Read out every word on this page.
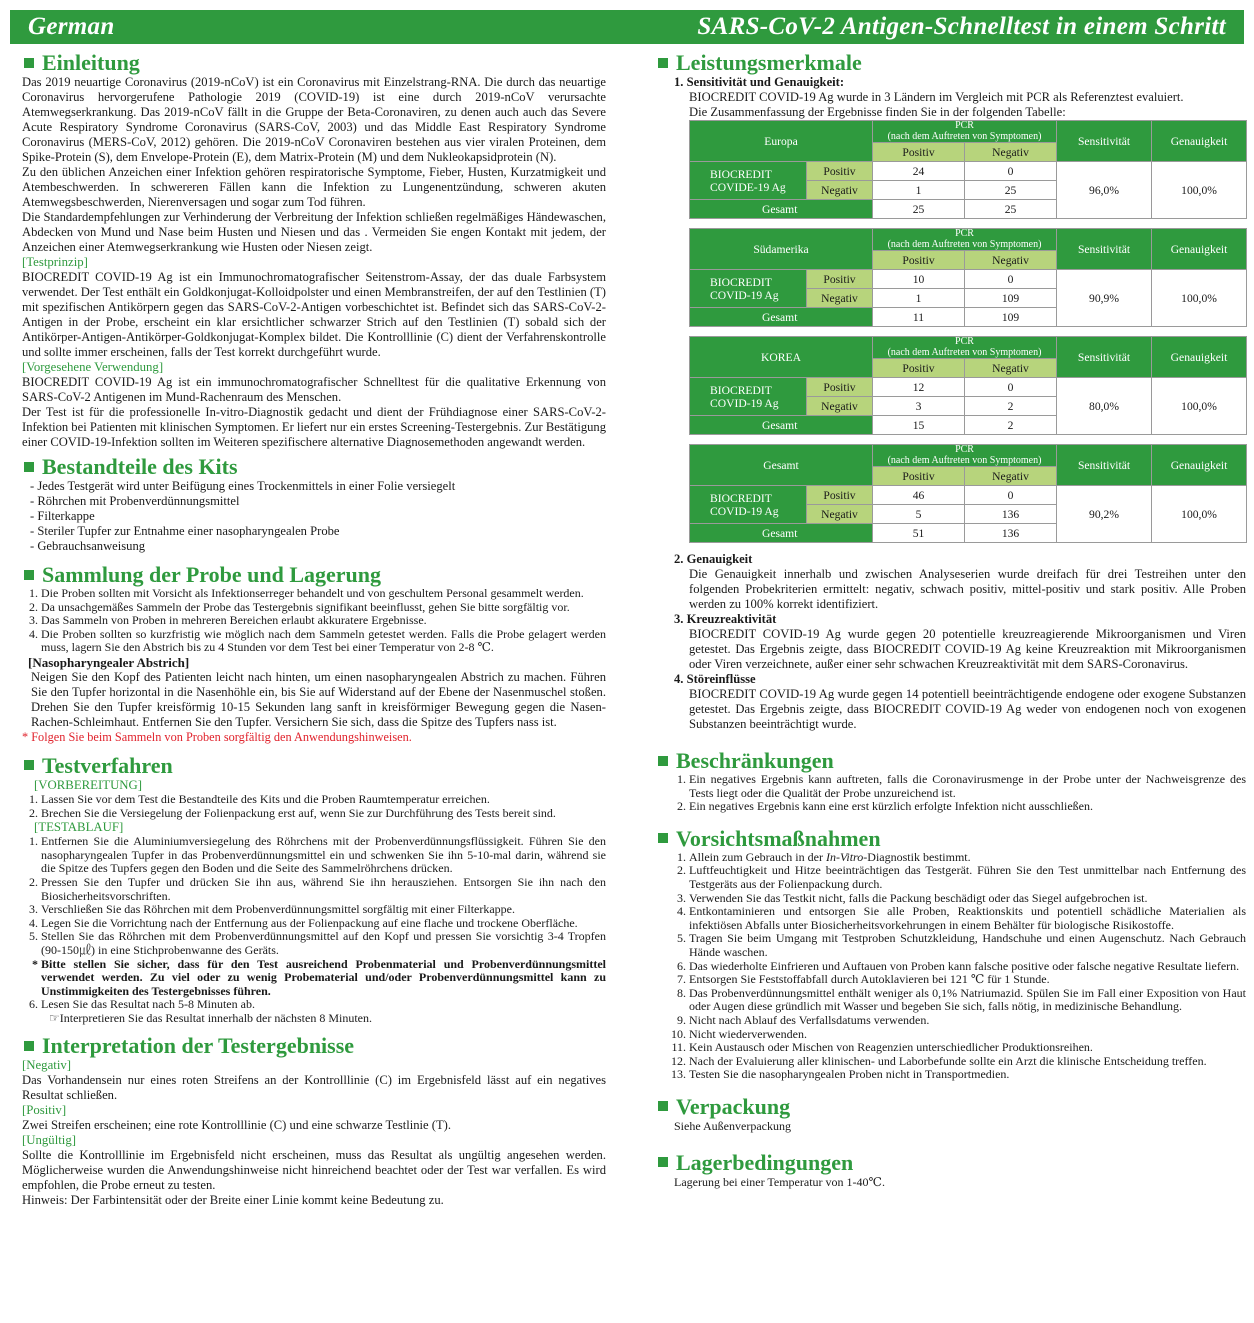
German	SARS-CoV-2 Antigen-Schnelltest in einem Schritt
Einleitung

Das 2019 neuartige Coronavirus (2019-nCoV) ist ein Coronavirus mit Einzelstrang-RNA. Die durch das neuartige Coronavirus hervorgerufene Pathologie 2019 (COVID-19) ist eine durch 2019-nCoV verursachte Atemwegserkrankung. Das 2019-nCoV fällt in die Gruppe der Beta-Coronaviren, zu denen auch auch das Severe Acute Respiratory Syndrome Coronavirus (SARS-CoV, 2003) und das Middle East Respiratory Syndrome Coronavirus (MERS-CoV, 2012) gehören. Die 2019-nCoV Coronaviren bestehen aus vier viralen Proteinen, dem Spike-Protein (S), dem Envelope-Protein (E), dem Matrix-Protein (M) und dem Nukleokapsidprotein (N).

Zu den üblichen Anzeichen einer Infektion gehören respiratorische Symptome, Fieber, Husten, Kurzatmigkeit und Atembeschwerden. In schwereren Fällen kann die Infektion zu Lungenentzündung, schweren akuten Atemwegsbeschwerden, Nierenversagen und sogar zum Tod führen.

Die Standardempfehlungen zur Verhinderung der Verbreitung der Infektion schließen regelmäßiges Händewaschen, Abdecken von Mund und Nase beim Husten und Niesen und das . Vermeiden Sie engen Kontakt mit jedem, der Anzeichen einer Atemwegserkrankung wie Husten oder Niesen zeigt.

[Testprinzip]

BIOCREDIT COVID-19 Ag ist ein Immunochromatografischer Seitenstrom-Assay, der das duale Farbsystem verwendet. Der Test enthält ein Goldkonjugat-Kolloidpolster und einen Membranstreifen, der auf den Testlinien (T) mit spezifischen Antikörpern gegen das SARS-CoV-2-Antigen vorbeschichtet ist. Befindet sich das SARS-CoV-2-Antigen in der Probe, erscheint ein klar ersichtlicher schwarzer Strich auf den Testlinien (T) sobald sich der Antikörper-Antigen-Antikörper-Goldkonjugat-Komplex bildet. Die Kontrolllinie (C) dient der Verfahrenskontrolle und sollte immer erscheinen, falls der Test korrekt durchgeführt wurde.

[Vorgesehene Verwendung]

BIOCREDIT COVID-19 Ag ist ein immunochromatografischer Schnelltest für die qualitative Erkennung von SARS-CoV-2 Antigenen im Mund-Rachenraum des Menschen.

Der Test ist für die professionelle In-vitro-Diagnostik gedacht und dient der Frühdiagnose einer SARS-CoV-2-Infektion bei Patienten mit klinischen Symptomen. Er liefert nur ein erstes Screening-Testergebnis. Zur Bestätigung einer COVID-19-Infektion sollten im Weiteren spezifischere alternative Diagnosemethoden angewandt werden.

Bestandteile des Kits
- Jedes Testgerät wird unter Beifügung eines Trockenmittels in einer Folie versiegelt
- Röhrchen mit Probenverdünnungsmittel
- Filterkappe
- Steriler Tupfer zur Entnahme einer nasopharyngealen Probe
- Gebrauchsanweisung
Sammlung der Probe und Lagerung
1. Die Proben sollten mit Vorsicht als Infektionserreger behandelt und von geschultem Personal gesammelt werden.
2. Da unsachgemäßes Sammeln der Probe das Testergebnis signifikant beeinflusst, gehen Sie bitte sorgfältig vor.
3. Das Sammeln von Proben in mehreren Bereichen erlaubt akkuratere Ergebnisse.
4. Die Proben sollten so kurzfristig wie möglich nach dem Sammeln getestet werden. Falls die Probe gelagert werden muss, lagern Sie den Abstrich bis zu 4 Stunden vor dem Test bei einer Temperatur von 2-8 ℃.
[Nasopharyngealer Abstrich]
Neigen Sie den Kopf des Patienten leicht nach hinten, um einen nasopharyngealen Abstrich zu machen. Führen Sie den Tupfer horizontal in die Nasenhöhle ein, bis Sie auf Widerstand auf der Ebene der Nasenmuschel stoßen. Drehen Sie den Tupfer kreisförmig 10-15 Sekunden lang sanft in kreisförmiger Bewegung gegen die Nasen-Rachen-Schleimhaut. Entfernen Sie den Tupfer. Versichern Sie sich, dass die Spitze des Tupfers nass ist.
* Folgen Sie beim Sammeln von Proben sorgfältig den Anwendungshinweisen.
Testverfahren
[VORBEREITUNG]
1. Lassen Sie vor dem Test die Bestandteile des Kits und die Proben Raumtemperatur erreichen.
2. Brechen Sie die Versiegelung der Folienpackung erst auf, wenn Sie zur Durchführung des Tests bereit sind.
[TESTABLAUF]
1. Entfernen Sie die Aluminiumversiegelung des Röhrchens mit der Probenverdünnungsflüssigkeit. Führen Sie den nasopharyngealen Tupfer in das Probenverdünnungsmittel ein und schwenken Sie ihn 5-10-mal darin, während sie die Spitze des Tupfers gegen den Boden und die Seite des Sammelröhrchens drücken.
2. Pressen Sie den Tupfer und drücken Sie ihn aus, während Sie ihn herausziehen. Entsorgen Sie ihn nach den Biosicherheitsvorschriften.
3. Verschließen Sie das Röhrchen mit dem Probenverdünnungsmittel sorgfältig mit einer Filterkappe.
4. Legen Sie die Vorrichtung nach der Entfernung aus der Folienpackung auf eine flache und trockene Oberfläche.
5. Stellen Sie das Röhrchen mit dem Probenverdünnungsmittel auf den Kopf und pressen Sie vorsichtig 3-4 Tropfen (90-150㎕) in eine Stichprobenwanne des Geräts.
* Bitte stellen Sie sicher, dass für den Test ausreichend Probenmaterial und Probenverdünnungsmittel verwendet werden. Zu viel oder zu wenig Probematerial und/oder Probenverdünnungsmittel kann zu Unstimmigkeiten des Testergebnisses führen.
6. Lesen Sie das Resultat nach 5-8 Minuten ab.
☞Interpretieren Sie das Resultat innerhalb der nächsten 8 Minuten.
Interpretation der Testergebnisse
[Negativ]

Das Vorhandensein nur eines roten Streifens an der Kontrolllinie (C) im Ergebnisfeld lässt auf ein negatives Resultat schließen.

[Positiv]

Zwei Streifen erscheinen; eine rote Kontrolllinie (C) und eine schwarze Testlinie (T).

[Ungültig]

Sollte die Kontrolllinie im Ergebnisfeld nicht erscheinen, muss das Resultat als ungültig angesehen werden. Möglicherweise wurden die Anwendungshinweise nicht hinreichend beachtet oder der Test war verfallen. Es wird empfohlen, die Probe erneut zu testen.

Hinweis: Der Farbintensität oder der Breite einer Linie kommt keine Bedeutung zu.

Leistungsmerkmale
1. Sensitivität und Genauigkeit:
BIOCREDIT COVID-19 Ag wurde in 3 Ländern im Vergleich mit PCR als Referenztest evaluiert.
Die Zusammenfassung der Ergebnisse finden Sie in der folgenden Tabelle:
Europa		PCR
(nach dem Auftreten von Symptomen)		Sensitivität	Genauigkeit
		Positiv	Negativ		
BIOCREDIT COVIDE-19 Ag	Positiv	24	0	96,0%	100,0%
	Negativ	1	25		
Gesamt		25	25		
Südamerika		PCR
(nach dem Auftreten von Symptomen)		Sensitivität	Genauigkeit
		Positiv	Negativ		
BIOCREDIT COVID-19 Ag	Positiv	10	0	90,9%	100,0%
	Negativ	1	109		
Gesamt		11	109		
KOREA		PCR
(nach dem Auftreten von Symptomen)		Sensitivität	Genauigkeit
		Positiv	Negativ		
BIOCREDIT COVID-19 Ag	Positiv	12	0	80,0%	100,0%
	Negativ	3	2		
Gesamt		15	2		
Gesamt		PCR
(nach dem Auftreten von Symptomen)		Sensitivität	Genauigkeit
		Positiv	Negativ		
BIOCREDIT COVID-19 Ag	Positiv	46	0	90,2%	100,0%
	Negativ	5	136		
Gesamt		51	136		
2. Genauigkeit
Die Genauigkeit innerhalb und zwischen Analyseserien wurde dreifach für drei Testreihen unter den folgenden Probekriterien ermittelt: negativ, schwach positiv, mittel-positiv und stark positiv. Alle Proben werden zu 100% korrekt identifiziert.
3. Kreuzreaktivität
BIOCREDIT COVID-19 Ag wurde gegen 20 potentielle kreuzreagierende Mikroorganismen und Viren getestet. Das Ergebnis zeigte, dass BIOCREDIT COVID-19 Ag keine Kreuzreaktion mit Mikroorganismen oder Viren verzeichnete, außer einer sehr schwachen Kreuzreaktivität mit dem SARS-Coronavirus.
4. Störeinflüsse
BIOCREDIT COVID-19 Ag wurde gegen 14 potentiell beeinträchtigende endogene oder exogene Substanzen getestet. Das Ergebnis zeigte, dass BIOCREDIT COVID-19 Ag weder von endogenen noch von exogenen Substanzen beeinträchtigt wurde.
Beschränkungen
1. Ein negatives Ergebnis kann auftreten, falls die Coronavirusmenge in der Probe unter der Nachweisgrenze des Tests liegt oder die Qualität der Probe unzureichend ist.
2. Ein negatives Ergebnis kann eine erst kürzlich erfolgte Infektion nicht ausschließen.
Vorsichtsmaßnahmen
1. Allein zum Gebrauch in der In-Vitro-Diagnostik bestimmt.
2. Luftfeuchtigkeit und Hitze beeinträchtigen das Testgerät. Führen Sie den Test unmittelbar nach Entfernung des Testgeräts aus der Folienpackung durch.
3. Verwenden Sie das Testkit nicht, falls die Packung beschädigt oder das Siegel aufgebrochen ist.
4. Entkontaminieren und entsorgen Sie alle Proben, Reaktionskits und potentiell schädliche Materialien als infektiösen Abfalls unter Biosicherheitsvorkehrungen in einem Behälter für biologische Risikostoffe.
5. Tragen Sie beim Umgang mit Testproben Schutzkleidung, Handschuhe und einen Augenschutz. Nach Gebrauch Hände waschen.
6. Das wiederholte Einfrieren und Auftauen von Proben kann falsche positive oder falsche negative Resultate liefern.
7. Entsorgen Sie Feststoffabfall durch Autoklavieren bei 121 ℃ für 1 Stunde.
8. Das Probenverdünnungsmittel enthält weniger als 0,1% Natriumazid. Spülen Sie im Fall einer Exposition von Haut oder Augen diese gründlich mit Wasser und begeben Sie sich, falls nötig, in medizinische Behandlung.
9. Nicht nach Ablauf des Verfallsdatums verwenden.
10. Nicht wiederverwenden.
11. Kein Austausch oder Mischen von Reagenzien unterschiedlicher Produktionsreihen.
12. Nach der Evaluierung aller klinischen- und Laborbefunde sollte ein Arzt die klinische Entscheidung treffen.
13. Testen Sie die nasopharyngealen Proben nicht in Transportmedien.
Verpackung
Siehe Außenverpackung
Lagerbedingungen
Lagerung bei einer Temperatur von 1-40℃.
